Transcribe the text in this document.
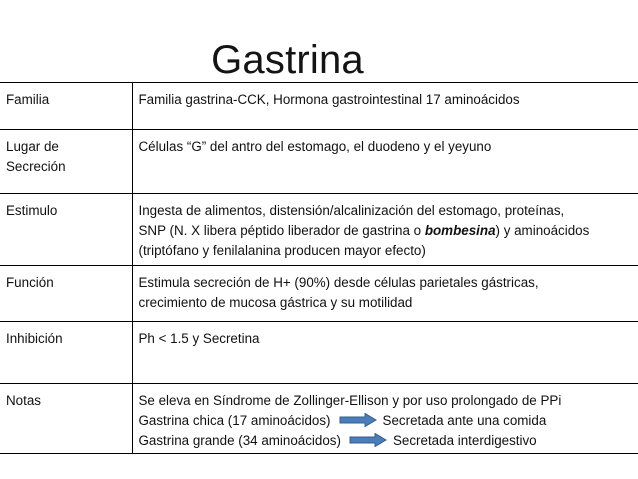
Gastrina
Familia	Familia gastrina-CCK, Hormona gastrointestinal 17 aminoácidos

Lugar de
Secreción	Células “G” del antro del estomago, el duodeno y el yeyuno

Estimulo	Ingesta de alimentos, distensión/alcalinización del estomago, proteínas,
SNP (N. X libera péptido liberador de gastrina o bombesina) y aminoácidos
(triptófano y fenilalanina producen mayor efecto)

Función	Estimula secreción de H+ (90%) desde células parietales gástricas,
crecimiento de mucosa gástrica y su motilidad

Inhibición	Ph < 1.5 y Secretina

Notas	Se eleva en Síndrome de Zollinger-Ellison y por uso prolongado de PPi
Gastrina chica (17 aminoácidos) Secretada ante una comida
Gastrina grande (34 aminoácidos) Secretada interdigestivo
